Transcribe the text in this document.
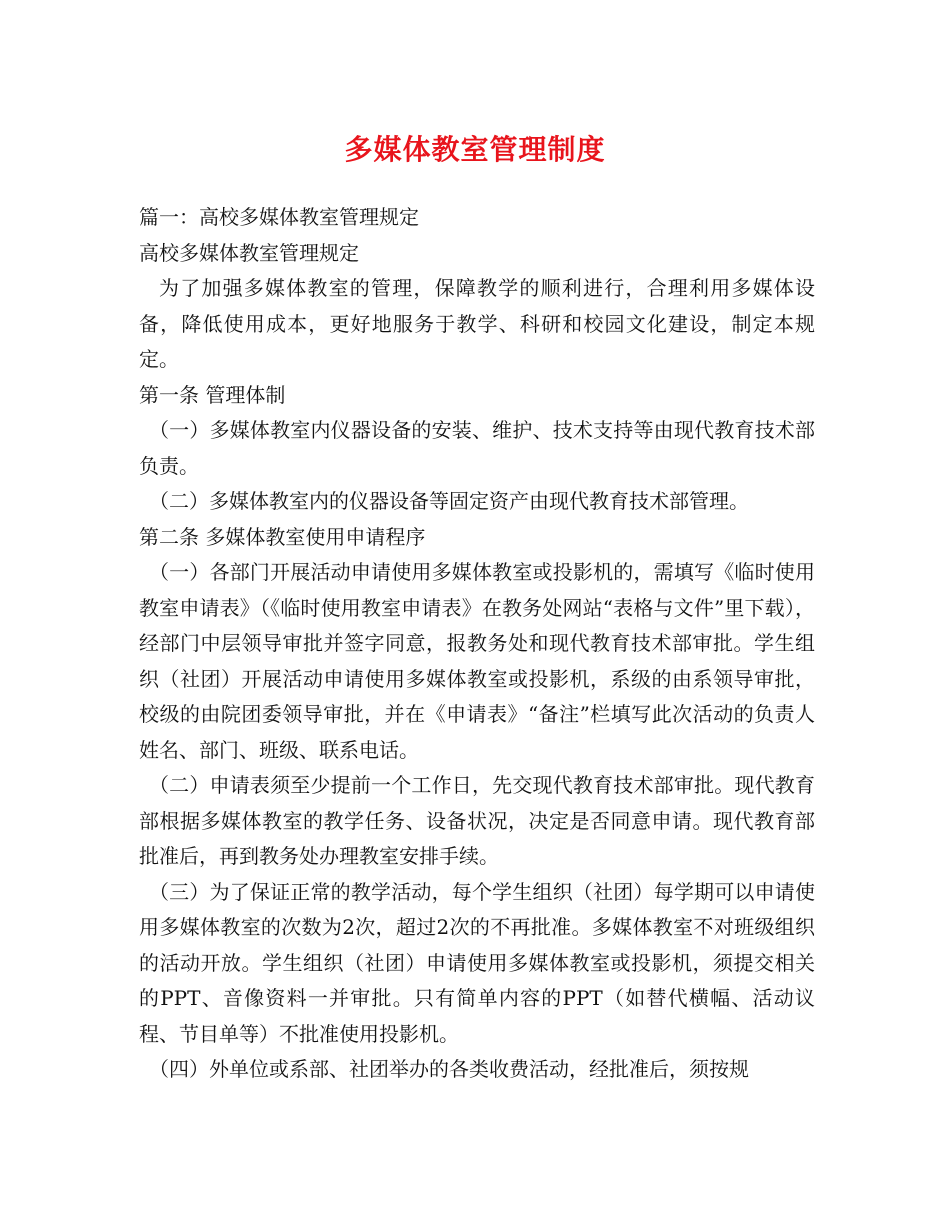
多媒体教室管理制度

篇一：高校多媒体教室管理规定

高校多媒体教室管理规定

为了加强多媒体教室的管理，保障教学的顺利进行，合理利用多媒体设备，降低使用成本，更好地服务于教学、科研和校园文化建设，制定本规定。

第一条 管理体制

（一）多媒体教室内仪器设备的安装、维护、技术支持等由现代教育技术部负责。

（二）多媒体教室内的仪器设备等固定资产由现代教育技术部管理。

第二条 多媒体教室使用申请程序

（一）各部门开展活动申请使用多媒体教室或投影机的，需填写《临时使用教室申请表》（《临时使用教室申请表》在教务处网站“表格与文件”里下载），经部门中层领导审批并签字同意，报教务处和现代教育技术部审批。学生组织（社团）开展活动申请使用多媒体教室或投影机，系级的由系领导审批，校级的由院团委领导审批，并在《申请表》“备注”栏填写此次活动的负责人姓名、部门、班级、联系电话。

（二）申请表须至少提前一个工作日，先交现代教育技术部审批。现代教育部根据多媒体教室的教学任务、设备状况，决定是否同意申请。现代教育部批准后，再到教务处办理教室安排手续。

（三）为了保证正常的教学活动，每个学生组织（社团）每学期可以申请使用多媒体教室的次数为2次，超过2次的不再批准。多媒体教室不对班级组织的活动开放。学生组织（社团）申请使用多媒体教室或投影机，须提交相关的PPT、音像资料一并审批。只有简单内容的PPT（如替代横幅、活动议程、节目单等）不批准使用投影机。

（四）外单位或系部、社团举办的各类收费活动，经批准后，须按规
